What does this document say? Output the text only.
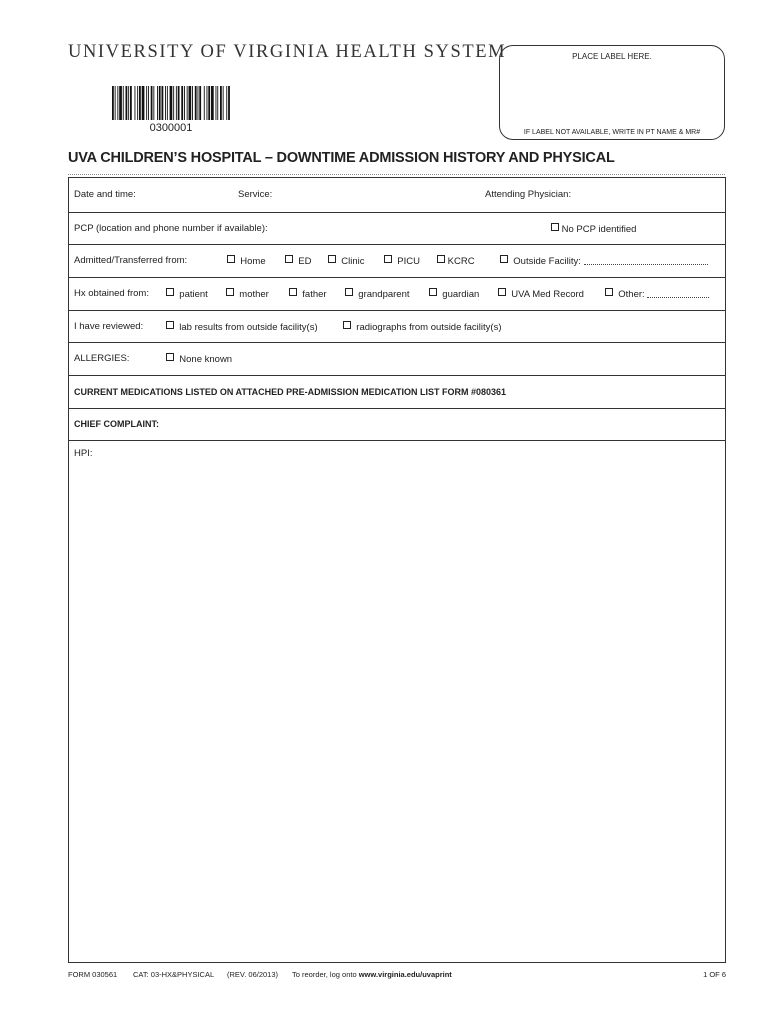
UNIVERSITY OF VIRGINIA HEALTH SYSTEM
0300001
PLACE LABEL HERE.
IF LABEL NOT AVAILABLE, WRITE IN PT NAME & MR#
UVA CHILDREN’S HOSPITAL – DOWNTIME ADMISSION HISTORY AND PHYSICAL
Date and time:	Service:	Attending Physician:
PCP (location and phone number if available):	No PCP identified
Admitted/Transferred from:	Home	ED	Clinic	PICU	KCRC	Outside Facility:
Hx obtained from:	patient	mother	father	grandparent	guardian	UVA Med Record	Other:
I have reviewed:	lab results from outside facility(s)	radiographs from outside facility(s)
ALLERGIES:	None known
CURRENT MEDICATIONS LISTED ON ATTACHED PRE-ADMISSION MEDICATION LIST FORM #080361
CHIEF COMPLAINT:
HPI:
FORM 030561 CAT: 03-HX&PHYSICAL (REV. 06/2013) To reorder, log onto www.virginia.edu/uvaprint	1 OF 6
